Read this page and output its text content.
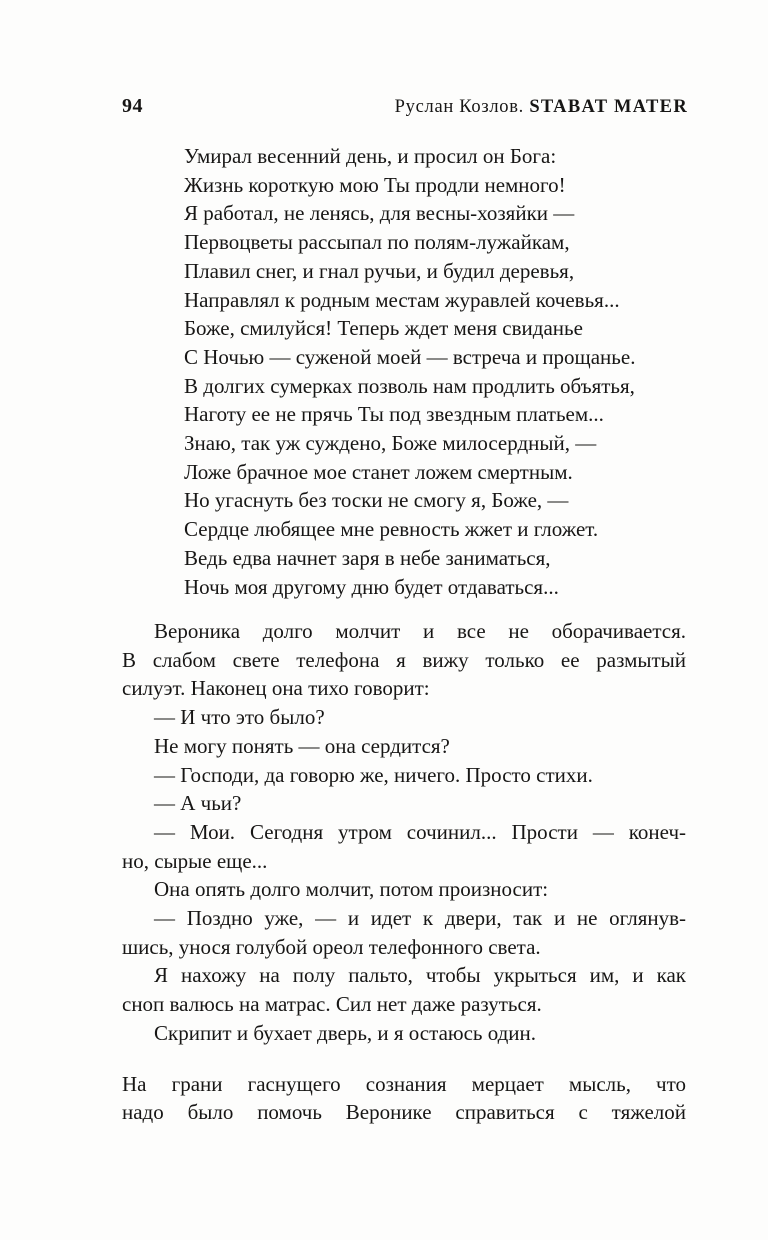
94	Руслан Козлов. STABAT MATER
Умирал весенний день, и просил он Бога:
Жизнь короткую мою Ты продли немного!
Я работал, не ленясь, для весны-хозяйки —
Первоцветы рассыпал по полям-лужайкам,
Плавил снег, и гнал ручьи, и будил деревья,
Направлял к родным местам журавлей кочевья...
Боже, смилуйся! Теперь ждет меня свиданье
С Ночью — суженой моей — встреча и прощанье.
В долгих сумерках позволь нам продлить объятья,
Наготу ее не прячь Ты под звездным платьем...
Знаю, так уж суждено, Боже милосердный, —
Ложе брачное мое станет ложем смертным.
Но угаснуть без тоски не смогу я, Боже, —
Сердце любящее мне ревность жжет и гложет.
Ведь едва начнет заря в небе заниматься,
Ночь моя другому дню будет отдаваться...
Вероника долго молчит и все не оборачивается.
В слабом свете телефона я вижу только ее размытый
силуэт. Наконец она тихо говорит:
— И что это было?
Не могу понять — она сердится?
— Господи, да говорю же, ничего. Просто стихи.
— А чьи?
— Мои. Сегодня утром сочинил... Прости — конеч-
но, сырые еще...
Она опять долго молчит, потом произносит:
— Поздно уже, — и идет к двери, так и не оглянув-
шись, унося голубой ореол телефонного света.
Я нахожу на полу пальто, чтобы укрыться им, и как
сноп валюсь на матрас. Сил нет даже разуться.
Скрипит и бухает дверь, и я остаюсь один.
На грани гаснущего сознания мерцает мысль, что
надо было помочь Веронике справиться с тяжелой
